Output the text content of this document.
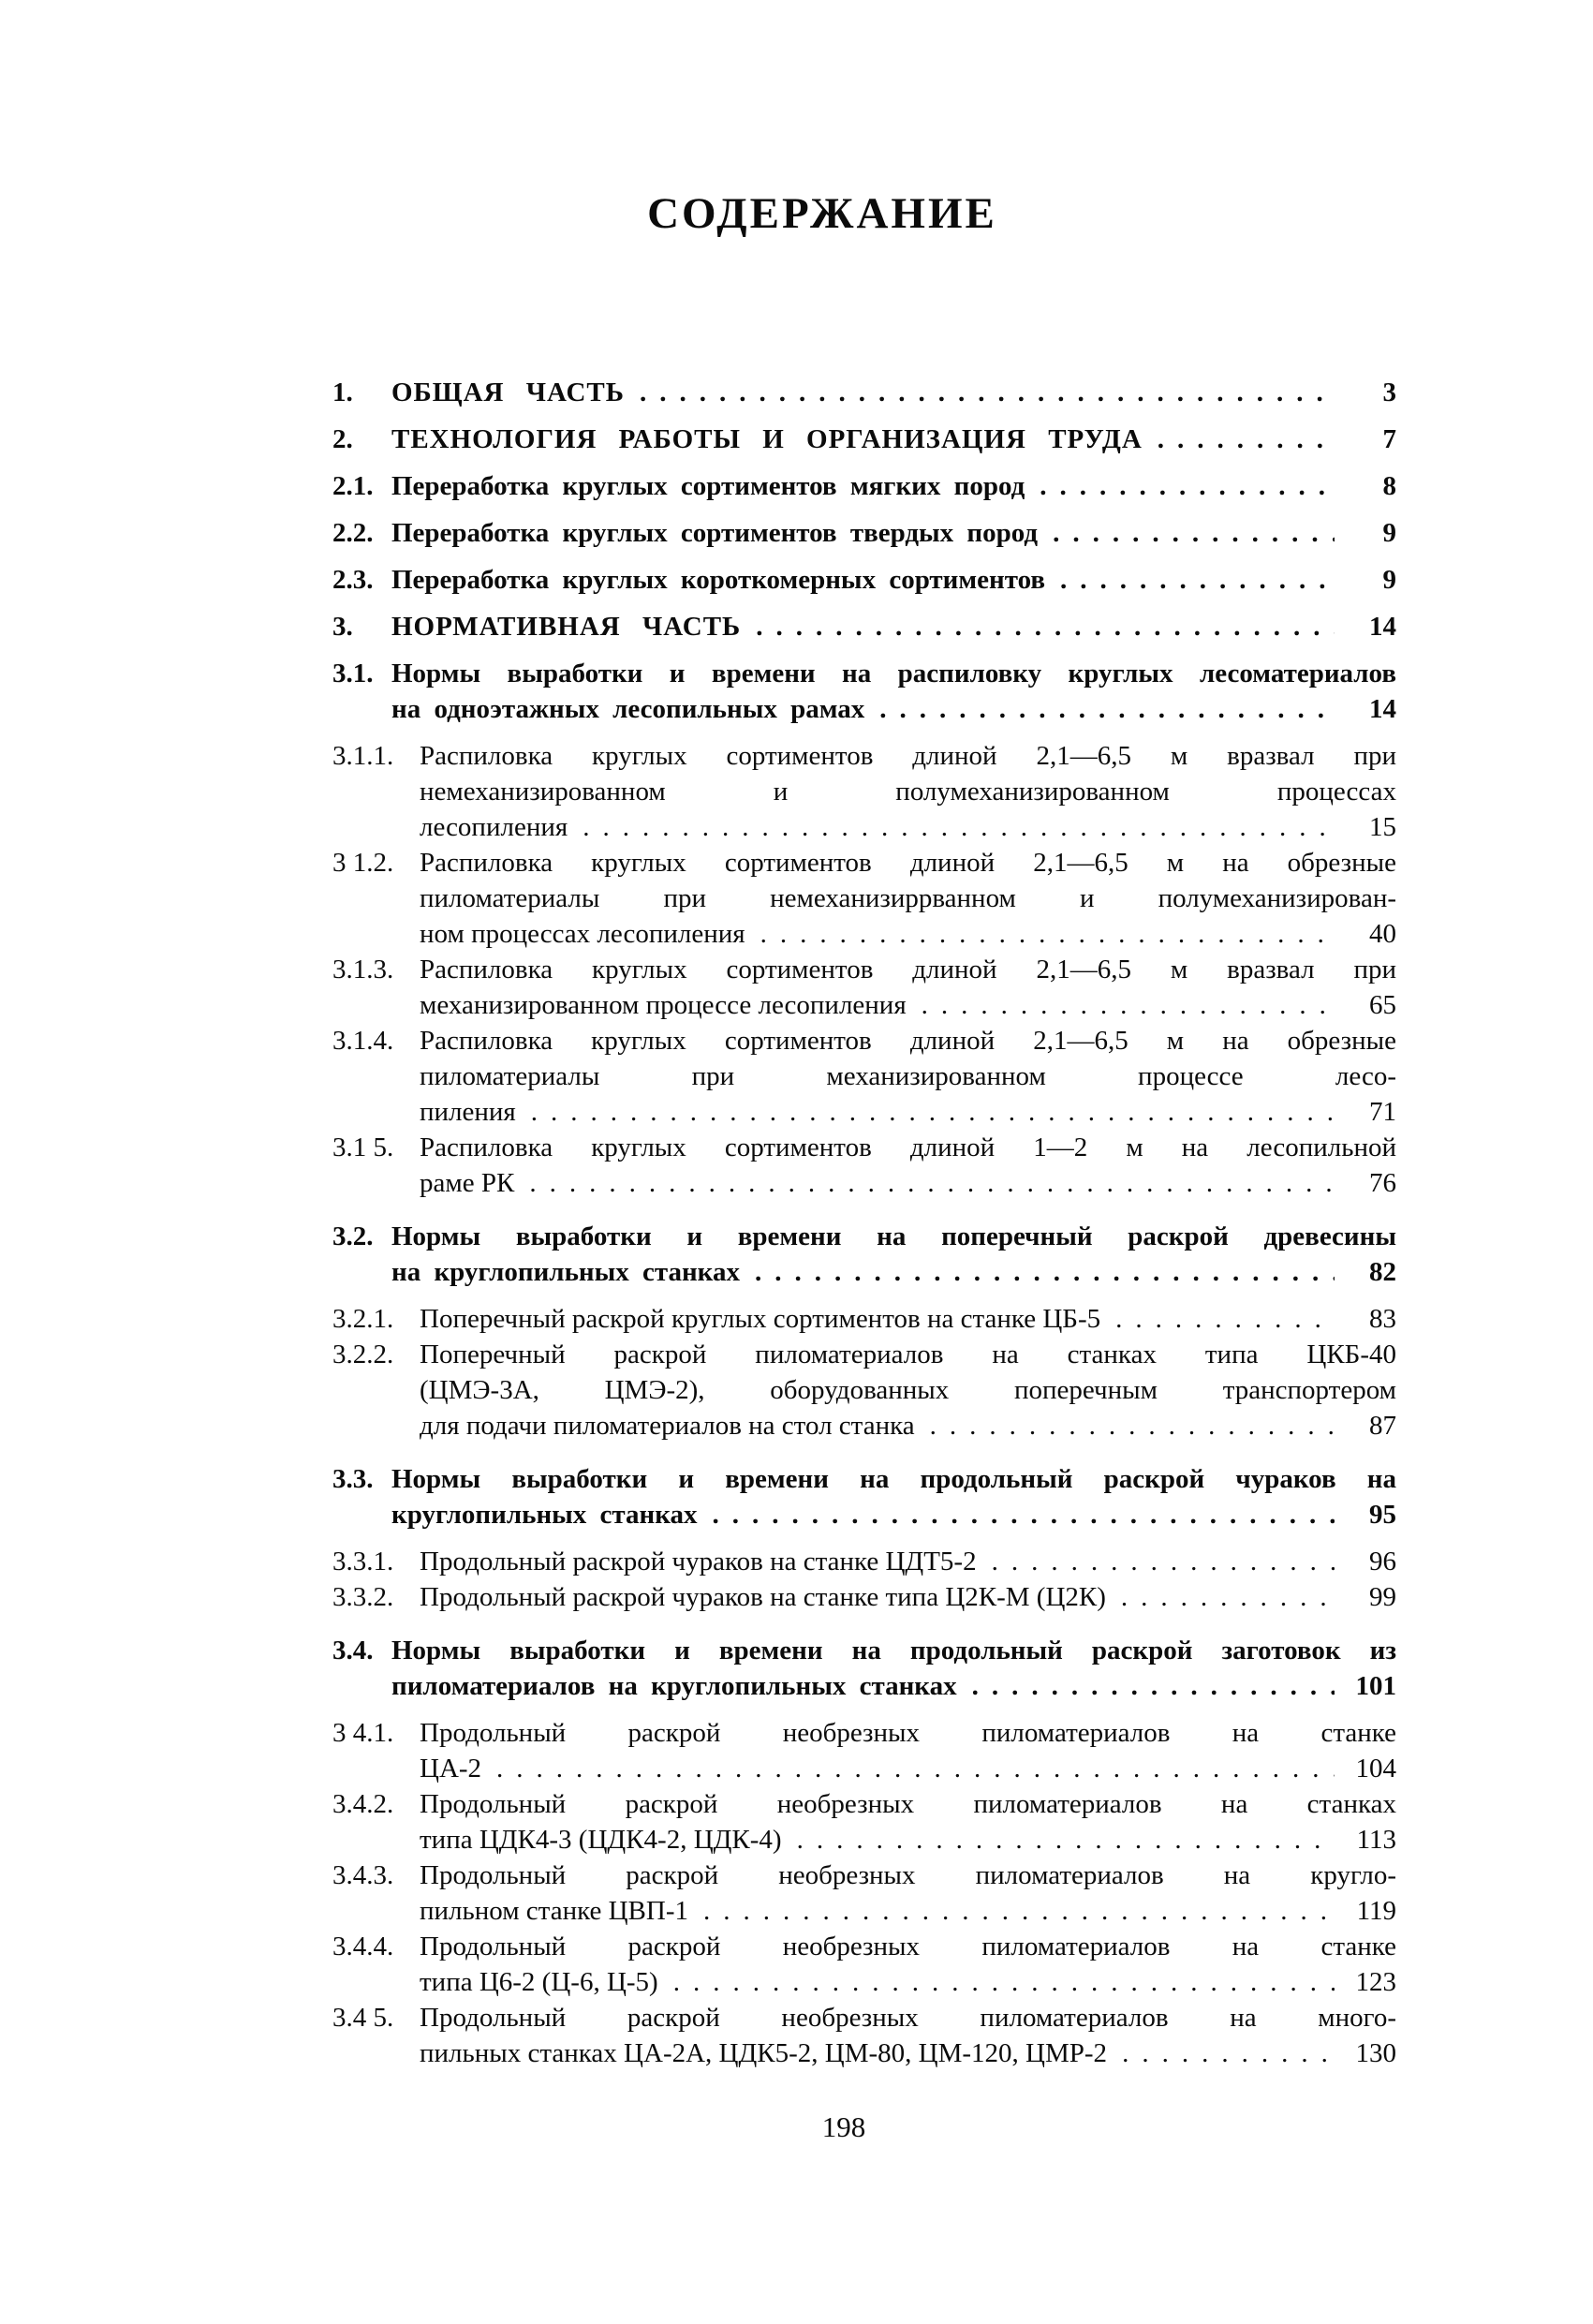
СОДЕРЖАНИЕ
1.	ОБЩАЯ ЧАСТЬ .....	3
2.	ТЕХНОЛОГИЯ РАБОТЫ И ОРГАНИЗАЦИЯ ТРУДА .....	7
2.1. Переработка круглых сортиментов мягких пород .....	8
2.2. Переработка круглых сортиментов твердых пород .....	9
2.3. Переработка круглых короткомерных сортиментов .....	9
3.	НОРМАТИВНАЯ ЧАСТЬ .....	14
3.1. Нормы выработки и времени на распиловку круглых лесоматериалов
на одноэтажных лесопильных рамах .....	14
3.1.1. Распиловка круглых сортиментов длиной 2,1—6,5 м вразвал при
немеханизированном и полумеханизированном процессах
лесопиления .....	15
3 1.2. Распиловка круглых сортиментов длиной 2,1—6,5 м на обрезные
пиломатериалы при немеханизиррванном и полумеханизирован-
ном процессах лесопиления .....	40
3.1.3. Распиловка круглых сортиментов длиной 2,1—6,5 м вразвал при
механизированном процессе лесопиления .....	65
3.1.4. Распиловка круглых сортиментов длиной 2,1—6,5 м на обрезные
пиломатериалы при механизированном процессе лесо-
пиления .....	71
3.1 5. Распиловка круглых сортиментов длиной 1—2 м на лесопильной
раме РК .....	76
3.2. Нормы выработки и времени на поперечный раскрой древесины
на круглопильных станках .....	82
3.2.1. Поперечный раскрой круглых сортиментов на станке ЦБ-5 .....	83
3.2.2. Поперечный раскрой пиломатериалов на станках типа ЦКБ-40
(ЦМЭ-3А, ЦМЭ-2), оборудованных поперечным транспортером
для подачи пиломатериалов на стол станка .....	87
3.3. Нормы выработки и времени на продольный раскрой чураков на
круглопильных станках .....	95
3.3.1. Продольный раскрой чураков на станке ЦДТ5-2 .....	96
3.3.2. Продольный раскрой чураков на станке типа Ц2К-М (Ц2К) .....	99
3.4. Нормы выработки и времени на продольный раскрой заготовок из
пиломатериалов на круглопильных станках .....	101
3 4.1. Продольный раскрой необрезных пиломатериалов на станке
ЦА-2 .....	104
3.4.2. Продольный раскрой необрезных пиломатериалов на станках
типа ЦДК4-3 (ЦДК4-2, ЦДК-4) .....	113
3.4.3. Продольный раскрой необрезных пиломатериалов на кругло-
пильном станке ЦВП-1 .....	119
3.4.4. Продольный раскрой необрезных пиломатериалов на станке
типа Ц6-2 (Ц-6, Ц-5) .....	123
3.4 5. Продольный раскрой необрезных пиломатериалов на много-
пильных станках ЦА-2А, ЦДК5-2, ЦМ-80, ЦМ-120, ЦМР-2 .....	130
198
